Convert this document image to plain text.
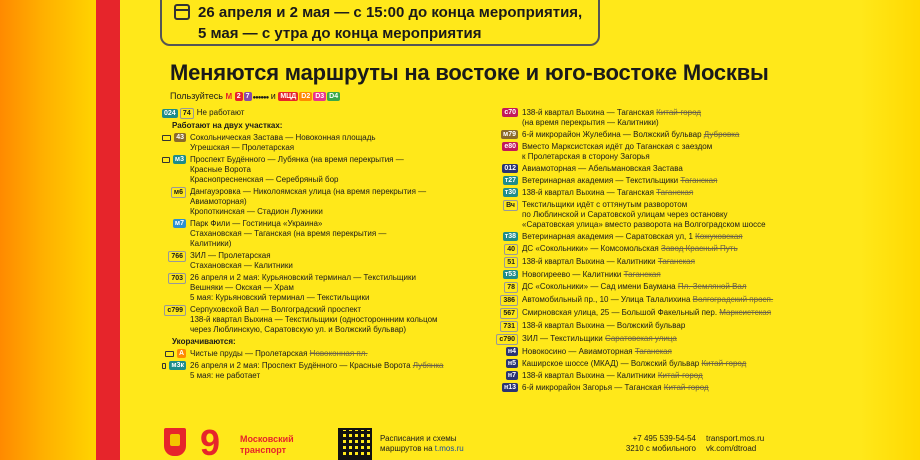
26 апреля и 2 мая — с 15:00 до конца мероприятия,
5 мая — с утра до конца мероприятия
Меняются маршруты на востоке и юго-востоке Москвы
Пользуйтесь М 2 7 ●●●●●● и МЦД D2 D3 D4
024
	74 Не работают
Работают на двух участках:
43 Сокольническая Застава — Новоконная площадь
Угрешская — Пролетарская
м3 Проспект Будённого — Лубянка (на время перекрытия —
Красные Ворота
Краснопресненская — Серебряный бор
м6 Дангауэровка — Николоямская улица (на время перекрытия —
Авиамоторная)
Кропоткинская — Стадион Лужники
м7 Парк Фили — Гостиница «Украина»
Стахановская — Таганская (на время перекрытия —
Калитники)
766 ЗИЛ — Пролетарская
Стахановская — Калитники
703 26 апреля и 2 мая: Курьяновский терминал — Текстильщики
Вешняки — Окская — Храм
5 мая: Курьяновский терминал — Текстильщики
с799 Серпуховской Вал — Волгоградский проспект
138-й квартал Выхина — Текстильщики (одностороннним кольцом
через Люблинскую, Саратовскую ул. и Волжский бульвар)
Укорачиваются:
А Чистые пруды — Пролетарская Новоконная пл.
м3к 26 апреля и 2 мая: Проспект Будённого — Красные Ворота Лубянка
5 мая: не работает
с70 138-й квартал Выхина — Таганская Китай-город
(на время перекрытия — Калитники)
м79 6-й микрорайон Жулебина — Волжский бульвар Дубровка
е80 Вместо Марксистская идёт до Таганская с заездом
к Пролетарская в сторону Загорья
012 Авиамоторная — Абельмановская Застава
т27 Ветеринарная академия — Текстильщики Таганская
т30 138-й квартал Выхина — Таганская Таганская
Вч Текстильщики идёт с оттянутым разворотом
по Люблинской и Саратовской улицам через остановку
«Саратовская улица» вместо разворота на Волгоградском шоссе
т38 Ветеринарная академия — Саратовская ул, 1 Кожуховская
40 ДС «Сокольники» — Комсомольская Завод Красный Путь
51 138-й квартал Выхина — Калитники Таганская
т53 Новогиреево — Калитники Таганская
78 ДС «Сокольники» — Сад имени Баумана Пл. Земляной Вал
386 Автомобильный пр., 10 — Улица Талалихина Волгоградский просп.
567 Смирновская улица, 25 — Большой Факельный пер. Марксистская
731 138-й квартал Выхина — Волжский бульвар
с790 ЗИЛ — Текстильщики Саратовская улица
н4 Новокосино — Авиамоторная Таганская
н5 Каширское шоссе (МКАД) — Волжский бульвар Китай-город
н7 138-й квартал Выхина — Калитники Китай-город
н13 6-й микрорайон Загорья — Таганская Китай-город
9 Московский
транспорт
Расписания и схемы
маршрутов на t.mos.ru
+7 495 539-54-54
3210 с мобильного
transport.mos.ru
vk.com/dtroad
